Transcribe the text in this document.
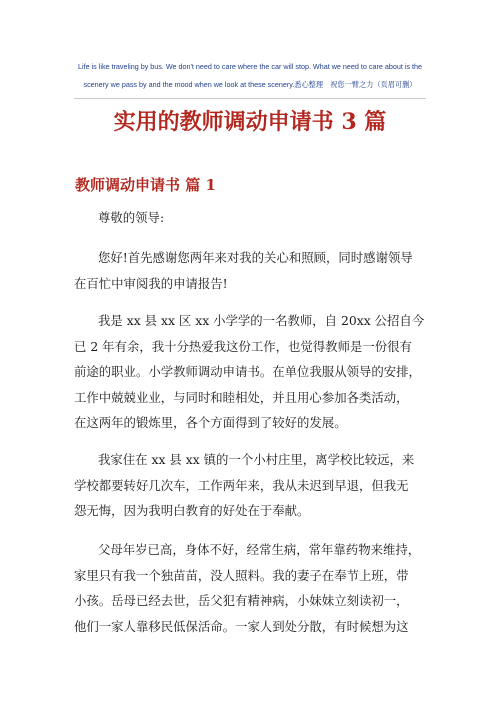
Life is like traveling by bus. We don't need to care where the car will stop. What we need to care about is the
scenery we pass by and the mood when we look at these scenery.悉心整理　祝您一臂之力（页眉可删）
实用的教师调动申请书 3 篇
教师调动申请书 篇 1
尊敬的领导:
您好!首先感谢您两年来对我的关心和照顾，同时感谢领导
在百忙中审阅我的申请报告!
我是 xx 县 xx 区 xx 小学学的一名教师，自 20xx 公招自今
已 2 年有余，我十分热爱我这份工作，也觉得教师是一份很有
前途的职业。小学教师调动申请书。在单位我服从领导的安排，
工作中兢兢业业，与同时和睦相处，并且用心参加各类活动，
在这两年的锻炼里，各个方面得到了较好的发展。
我家住在 xx 县 xx 镇的一个小村庄里，离学校比较远，来
学校都要转好几次车，工作两年来，我从未迟到早退，但我无
怨无悔，因为我明白教育的好处在于奉献。
父母年岁已高，身体不好，经常生病，常年靠药物来维持，
家里只有我一个独苗苗，没人照料。我的妻子在奉节上班，带
小孩。岳母已经去世，岳父犯有精神病，小妹妹立刻读初一，
他们一家人靠移民低保活命。一家人到处分散，有时候想为这
